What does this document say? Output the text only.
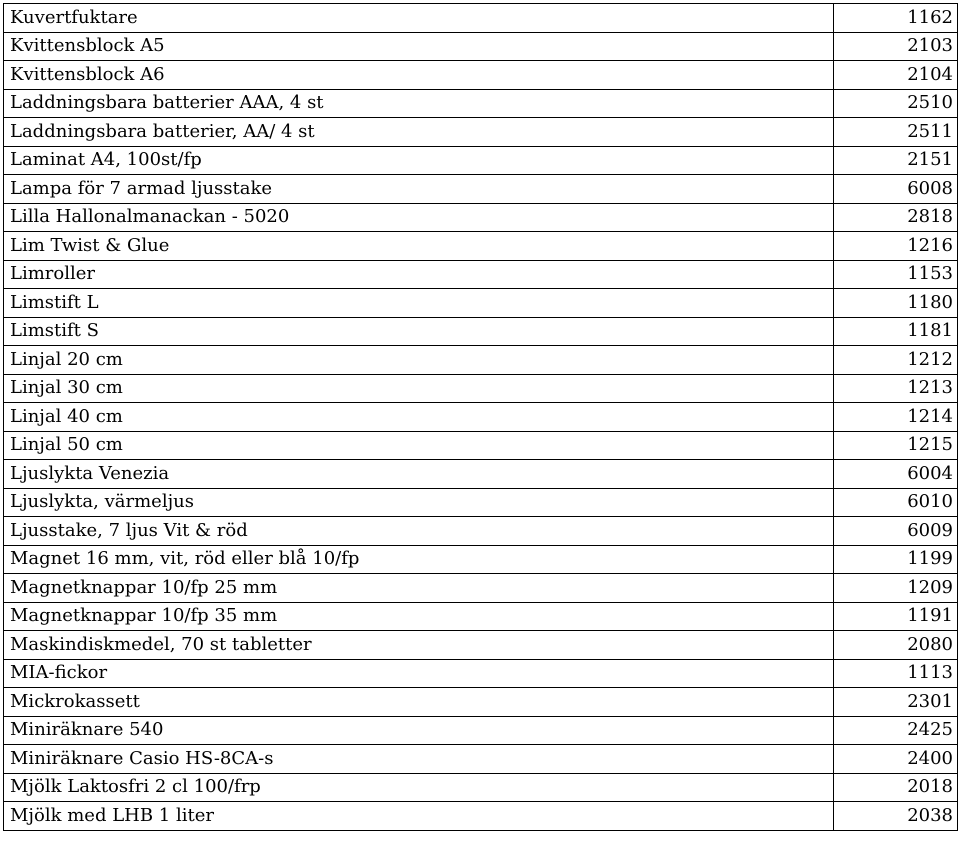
Kuvertfuktare	1162
Kvittensblock A5	2103
Kvittensblock A6	2104
Laddningsbara batterier AAA, 4 st	2510
Laddningsbara batterier, AA/ 4 st	2511
Laminat A4, 100st/fp	2151
Lampa för 7 armad ljusstake	6008
Lilla Hallonalmanackan - 5020	2818
Lim Twist & Glue	1216
Limroller	1153
Limstift L	1180
Limstift S	1181
Linjal 20 cm	1212
Linjal 30 cm	1213
Linjal 40 cm	1214
Linjal 50 cm	1215
Ljuslykta Venezia	6004
Ljuslykta, värmeljus	6010
Ljusstake, 7 ljus Vit & röd	6009
Magnet 16 mm, vit, röd eller blå 10/fp	1199
Magnetknappar 10/fp 25 mm	1209
Magnetknappar 10/fp 35 mm	1191
Maskindiskmedel, 70 st tabletter	2080
MIA-fickor	1113
Mickrokassett	2301
Miniräknare 540	2425
Miniräknare Casio HS-8CA-s	2400
Mjölk Laktosfri 2 cl 100/frp	2018
Mjölk med LHB 1 liter	2038
